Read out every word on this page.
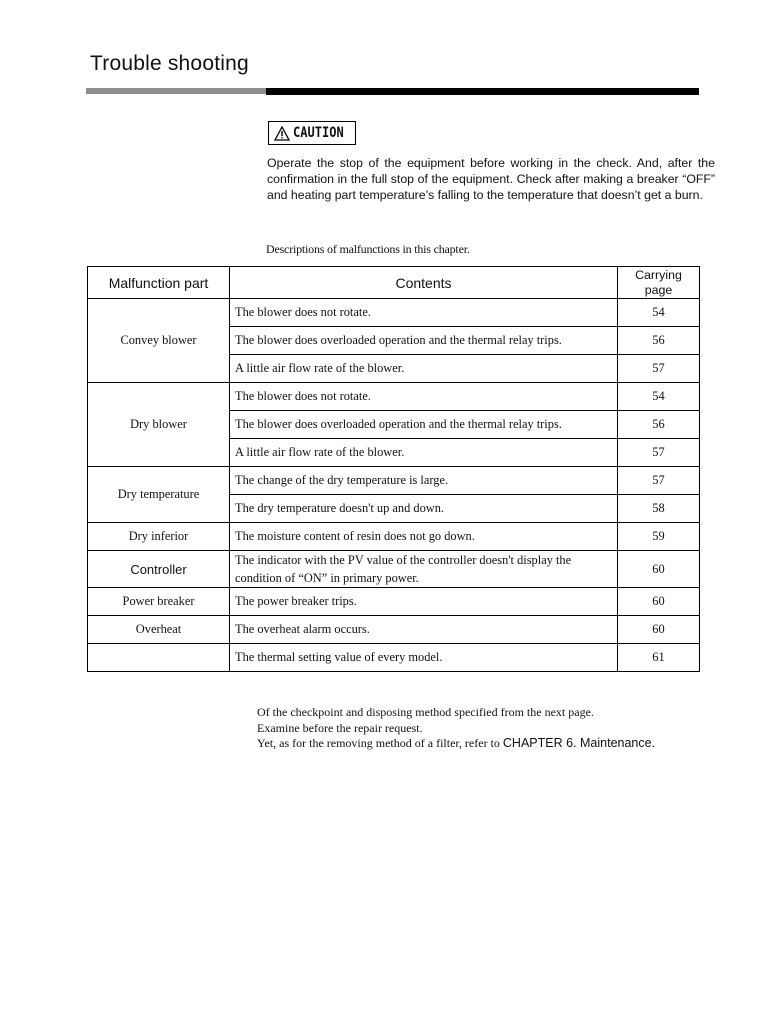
Trouble shooting
CAUTION
Operate the stop of the equipment before working in the check. And, after the confirmation in the full stop of the equipment. Check after making a breaker “OFF” and heating part temperature’s falling to the temperature that doesn’t get a burn.
Descriptions of malfunctions in this chapter.
Malfunction part	Contents	Carrying
page
Convey blower	The blower does not rotate.	54
	The blower does overloaded operation and the thermal relay trips.	56
	A little air flow rate of the blower.	57
Dry blower	The blower does not rotate.	54
	The blower does overloaded operation and the thermal relay trips.	56
	A little air flow rate of the blower.	57
Dry temperature	The change of the dry temperature is large.	57
	The dry temperature doesn't up and down.	58
Dry inferior	The moisture content of resin does not go down.	59
Controller	The indicator with the PV value of the controller doesn't display the condition of “ON” in primary power.	60
Power breaker	The power breaker trips.	60
Overheat	The overheat alarm occurs.	60
	The thermal setting value of every model.	61
Of the checkpoint and disposing method specified from the next page.
Examine before the repair request.
Yet, as for the removing method of a filter, refer to CHAPTER 6. Maintenance.
